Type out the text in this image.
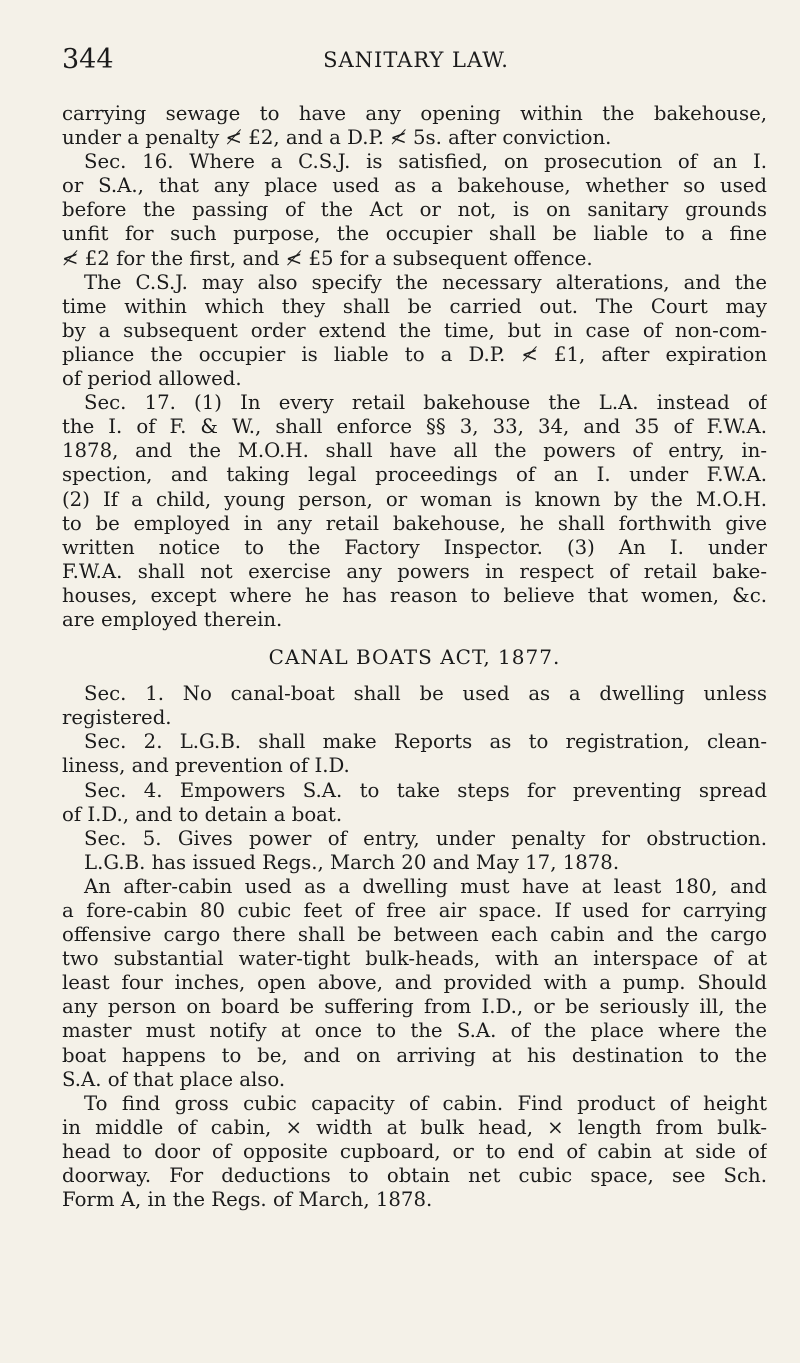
344	SANITARY LAW.
carrying sewage to have any opening within the bakehouse,
under a penalty ≮ £2, and a D.P. ≮ 5s. after conviction.
Sec. 16. Where a C.S.J. is satisfied, on prosecution of an I.
or S.A., that any place used as a bakehouse, whether so used
before the passing of the Act or not, is on sanitary grounds
unfit for such purpose, the occupier shall be liable to a fine
≮ £2 for the first, and ≮ £5 for a subsequent offence.
The C.S.J. may also specify the necessary alterations, and the
time within which they shall be carried out. The Court may
by a subsequent order extend the time, but in case of non-com-
pliance the occupier is liable to a D.P. ≮ £1, after expiration
of period allowed.
Sec. 17. (1) In every retail bakehouse the L.A. instead of
the I. of F. & W., shall enforce §§ 3, 33, 34, and 35 of F.W.A.
1878, and the M.O.H. shall have all the powers of entry, in-
spection, and taking legal proceedings of an I. under F.W.A.
(2) If a child, young person, or woman is known by the M.O.H.
to be employed in any retail bakehouse, he shall forthwith give
written notice to the Factory Inspector. (3) An I. under
F.W.A. shall not exercise any powers in respect of retail bake-
houses, except where he has reason to believe that women, &c.
are employed therein.
CANAL BOATS ACT, 1877.
Sec. 1. No canal-boat shall be used as a dwelling unless
registered.
Sec. 2. L.G.B. shall make Reports as to registration, clean-
liness, and prevention of I.D.
Sec. 4. Empowers S.A. to take steps for preventing spread
of I.D., and to detain a boat.
Sec. 5. Gives power of entry, under penalty for obstruction.
L.G.B. has issued Regs., March 20 and May 17, 1878.
An after-cabin used as a dwelling must have at least 180, and
a fore-cabin 80 cubic feet of free air space. If used for carrying
offensive cargo there shall be between each cabin and the cargo
two substantial water-tight bulk-heads, with an interspace of at
least four inches, open above, and provided with a pump. Should
any person on board be suffering from I.D., or be seriously ill, the
master must notify at once to the S.A. of the place where the
boat happens to be, and on arriving at his destination to the
S.A. of that place also.
To find gross cubic capacity of cabin. Find product of height
in middle of cabin, × width at bulk head, × length from bulk-
head to door of opposite cupboard, or to end of cabin at side of
doorway. For deductions to obtain net cubic space, see Sch.
Form A, in the Regs. of March, 1878.
